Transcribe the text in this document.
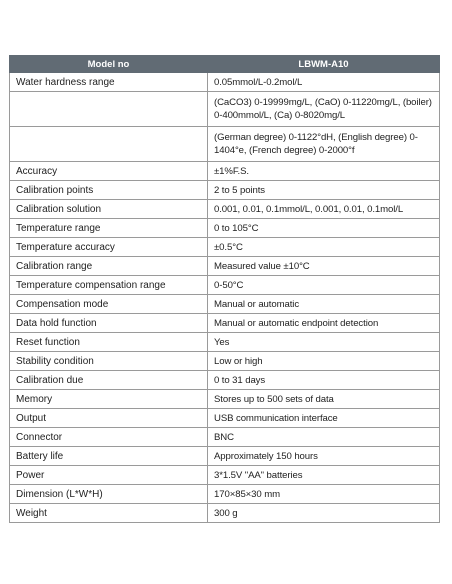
Model no	LBWM-A10
Water hardness range	0.05mmol/L-0.2mol/L
	(CaCO3) 0-19999mg/L, (CaO) 0-11220mg/L, (boiler) 0-400mmol/L, (Ca) 0-8020mg/L
	(German degree) 0-1122°dH, (English degree) 0-1404°e, (French degree) 0-2000°f
Accuracy	±1%F.S.
Calibration points	2 to 5 points
Calibration solution	0.001, 0.01, 0.1mmol/L, 0.001, 0.01, 0.1mol/L
Temperature range	0 to 105°C
Temperature accuracy	±0.5°C
Calibration range	Measured value ±10°C
Temperature compensation range	0-50°C
Compensation mode	Manual or automatic
Data hold function	Manual or automatic endpoint detection
Reset function	Yes
Stability condition	Low or high
Calibration due	0 to 31 days
Memory	Stores up to 500 sets of data
Output	USB communication interface
Connector	BNC
Battery life	Approximately 150 hours
Power	3*1.5V "AA" batteries
Dimension (L*W*H)	170×85×30 mm
Weight	300 g
